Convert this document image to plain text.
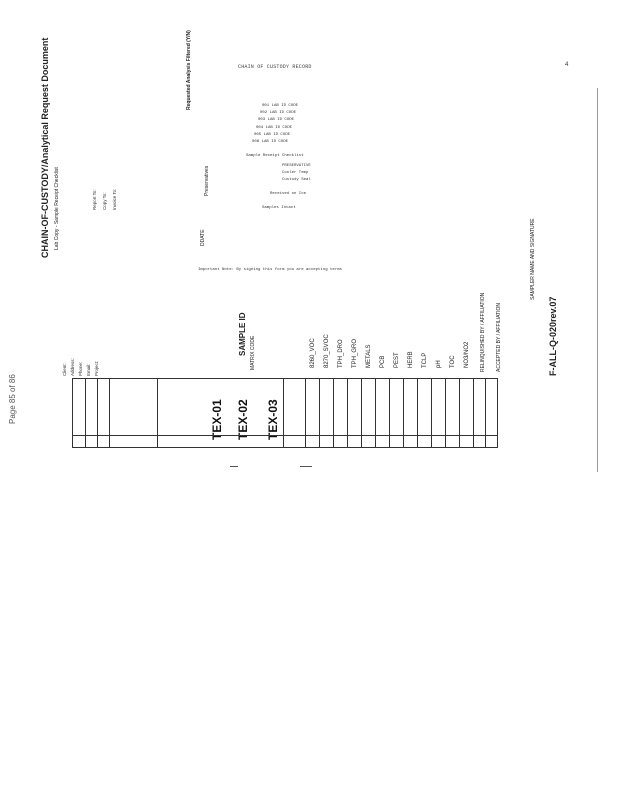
Page 85 of 86
CHAIN OF CUSTODY RECORD	4
CHAIN-OF-CUSTODY/Analytical Request Document Lab Copy - Sample Receipt Checklist
Client: Address: Phone: Email: Project:
Report To: Copy To: Invoice To:
Requested Analysis Filtered (Y/N)
Preservatives
001 LAB ID CODE
002 LAB ID CODE
003 LAB ID CODE
004 LAB ID CODE
005 LAB ID CODE
006 LAB ID CODE
Sample Receipt Checklist
PRESERVATIVE
Cooler Temp
Custody Seal
Received on Ice
Samples Intact
Important Note: By signing this form you are accepting terms
DDATE
SAMPLE ID MATRIX CODE	8260_VOC 8270_SVOC TPH_DRO TPH_GRO METALS PCB PEST HERB TCLP pH TOC NO3/NO2 RELINQUISHED BY / AFFILIATION ACCEPTED BY / AFFILIATION
SAMPLER NAME AND SIGNATURE
F-ALL-Q-020rev.07
TEX-01 TEX-02 TEX-03
